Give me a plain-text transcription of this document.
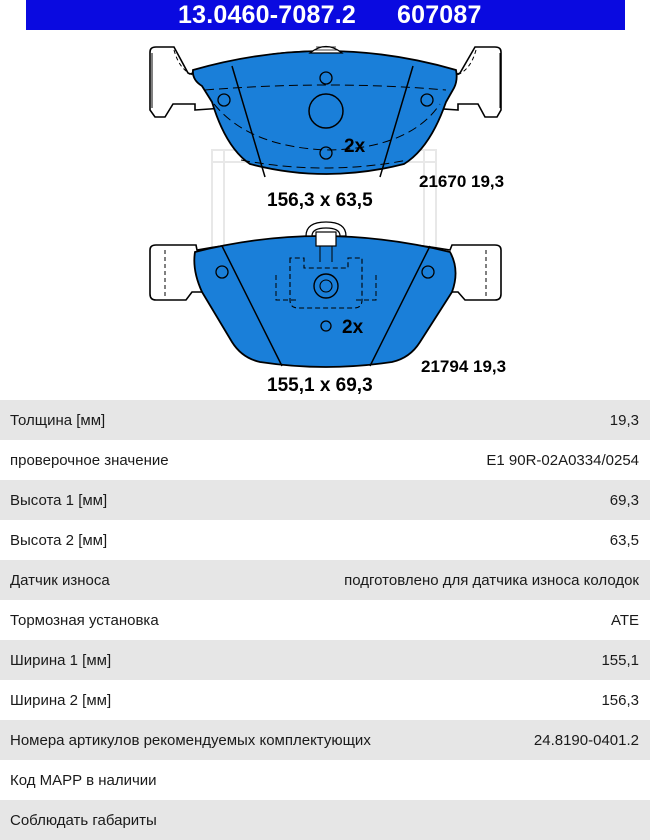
13.0460-7087.2 607087
2x
156,3 x 63,5
21670 19,3
2x
155,1 x 69,3
21794 19,3
Толщина [мм]	19,3
проверочное значение	E1 90R-02A0334/0254
Высота 1 [мм]	69,3
Высота 2 [мм]	63,5
Датчик износа	подготовлено для датчика износа колодок
Тормозная установка	ATE
Ширина 1 [мм]	155,1
Ширина 2 [мм]	156,3
Номера артикулов рекомендуемых комплектующих	24.8190-0401.2
Код MAPP в наличии
Соблюдать габариты
